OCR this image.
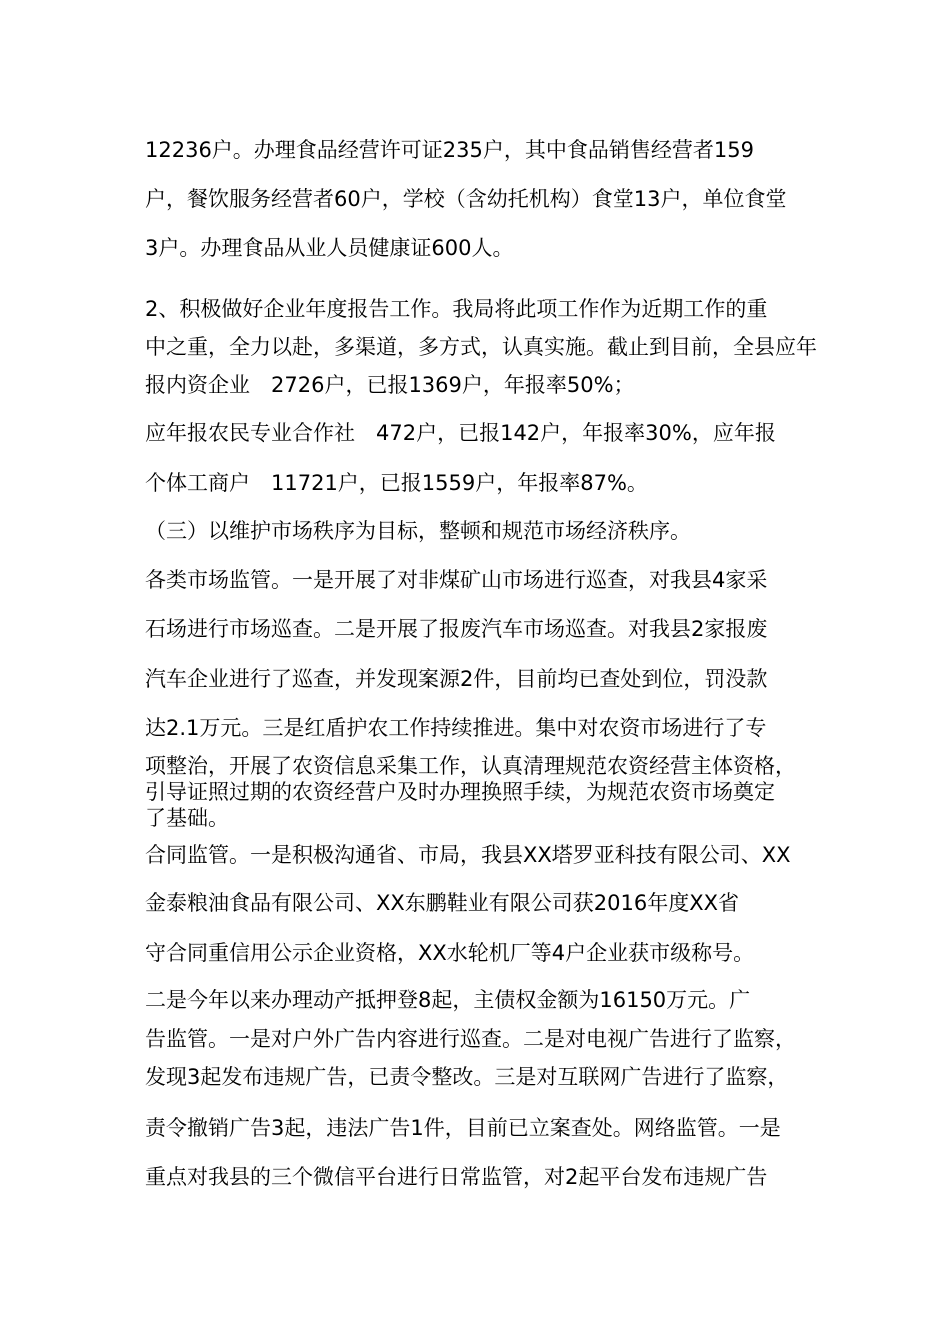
12236户。办理食品经营许可证235户，其中食品销售经营者159
户，餐饮服务经营者60户，学校（含幼托机构）食堂13户，单位食堂
3户。办理食品从业人员健康证600人。
2、积极做好企业年度报告工作。我局将此项工作作为近期工作的重
中之重，全力以赴，多渠道，多方式，认真实施。截止到目前，全县应年
报内资企业　2726户，已报1369户，年报率50%；
应年报农民专业合作社　472户，已报142户，年报率30%，应年报
个体工商户　11721户，已报1559户，年报率87%。
（三）以维护市场秩序为目标，整顿和规范市场经济秩序。
各类市场监管。一是开展了对非煤矿山市场进行巡查，对我县4家采
石场进行市场巡查。二是开展了报废汽车市场巡查。对我县2家报废
汽车企业进行了巡查，并发现案源2件，目前均已查处到位，罚没款
达2.1万元。三是红盾护农工作持续推进。集中对农资市场进行了专
项整治，开展了农资信息采集工作，认真清理规范农资经营主体资格，
引导证照过期的农资经营户及时办理换照手续，为规范农资市场奠定
了基础。
合同监管。一是积极沟通省、市局，我县XX塔罗亚科技有限公司、XX
金泰粮油食品有限公司、XX东鹏鞋业有限公司获2016年度XX省
守合同重信用公示企业资格，XX水轮机厂等4户企业获市级称号。
二是今年以来办理动产抵押登8起，主债权金额为16150万元。广
告监管。一是对户外广告内容进行巡查。二是对电视广告进行了监察，
发现3起发布违规广告，已责令整改。三是对互联网广告进行了监察，
责令撤销广告3起，违法广告1件，目前已立案查处。网络监管。一是
重点对我县的三个微信平台进行日常监管，对2起平台发布违规广告
